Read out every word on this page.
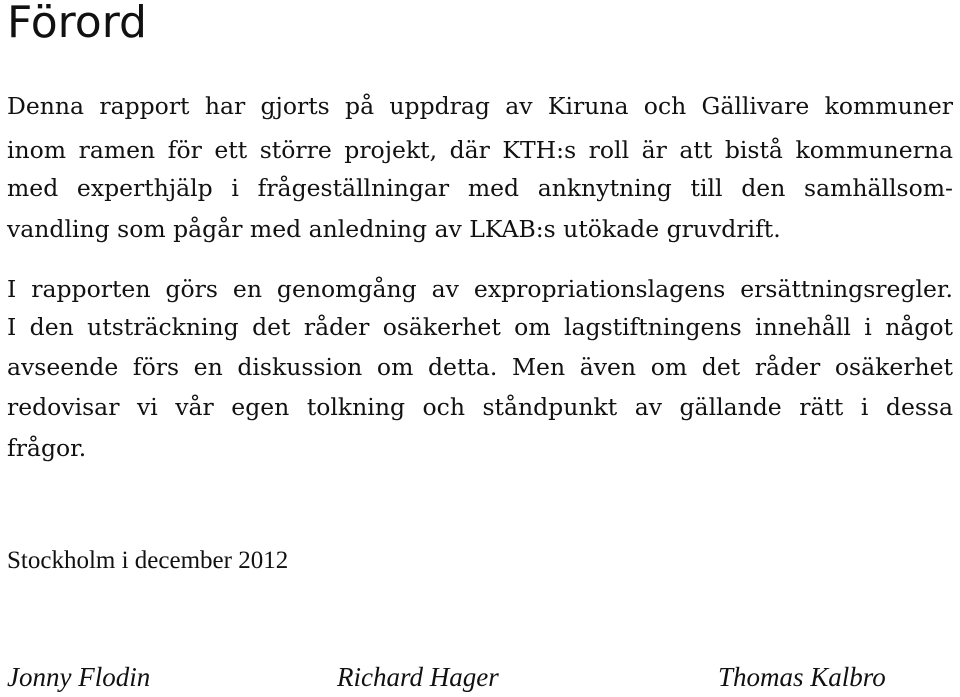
Förord
Denna rapport har gjorts på uppdrag av Kiruna och Gällivare kommuner
inom ramen för ett större projekt, där KTH:s roll är att bistå kommunerna
med experthjälp i frågeställningar med anknytning till den samhällsom-
vandling som pågår med anledning av LKAB:s utökade gruvdrift.
I rapporten görs en genomgång av expropriationslagens ersättningsregler.
I den utsträckning det råder osäkerhet om lagstiftningens innehåll i något
avseende förs en diskussion om detta. Men även om det råder osäkerhet
redovisar vi vår egen tolkning och ståndpunkt av gällande rätt i dessa
frågor.
Stockholm i december 2012
Jonny Flodin	Richard Hager	Thomas Kalbro
